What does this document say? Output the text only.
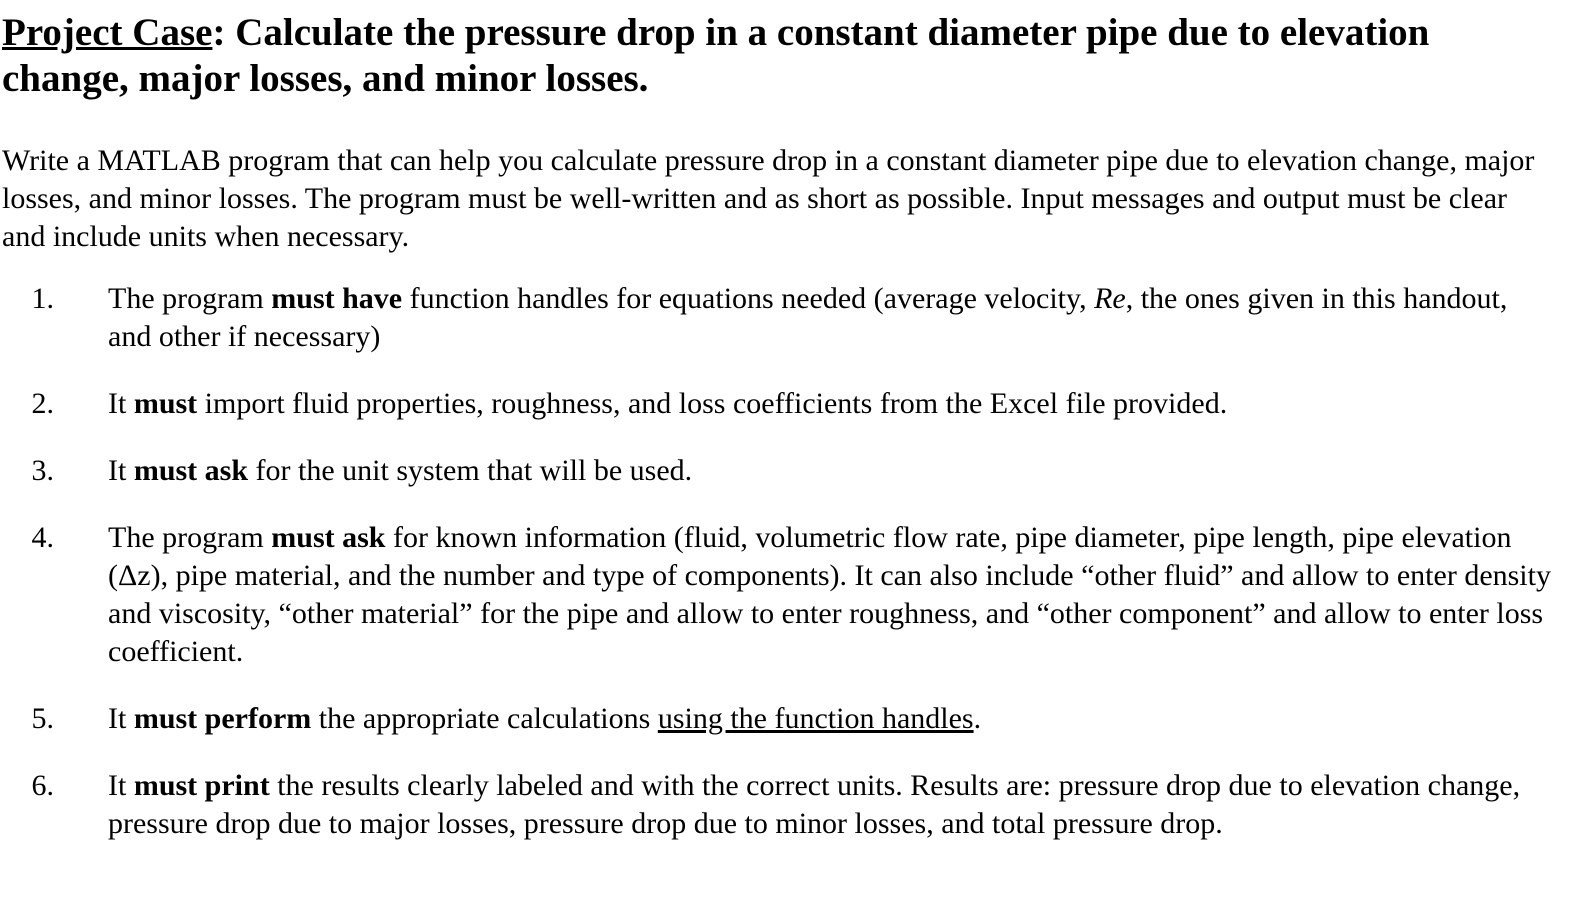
Project Case: Calculate the pressure drop in a constant diameter pipe due to elevation change, major losses, and minor losses.

Write a MATLAB program that can help you calculate pressure drop in a constant diameter pipe due to elevation change, major losses, and minor losses. The program must be well-written and as short as possible. Input messages and output must be clear and include units when necessary.

1.	The program must have function handles for equations needed (average velocity, Re, the ones given in this handout, and other if necessary)
2.	It must import fluid properties, roughness, and loss coefficients from the Excel file provided.
3.	It must ask for the unit system that will be used.
4.	The program must ask for known information (fluid, volumetric flow rate, pipe diameter, pipe length, pipe elevation (Δz), pipe material, and the number and type of components). It can also include “other fluid” and allow to enter density and viscosity, “other material” for the pipe and allow to enter roughness, and “other component” and allow to enter loss coefficient.
5.	It must perform the appropriate calculations using the function handles.
6.	It must print the results clearly labeled and with the correct units. Results are: pressure drop due to elevation change, pressure drop due to major losses, pressure drop due to minor losses, and total pressure drop.
